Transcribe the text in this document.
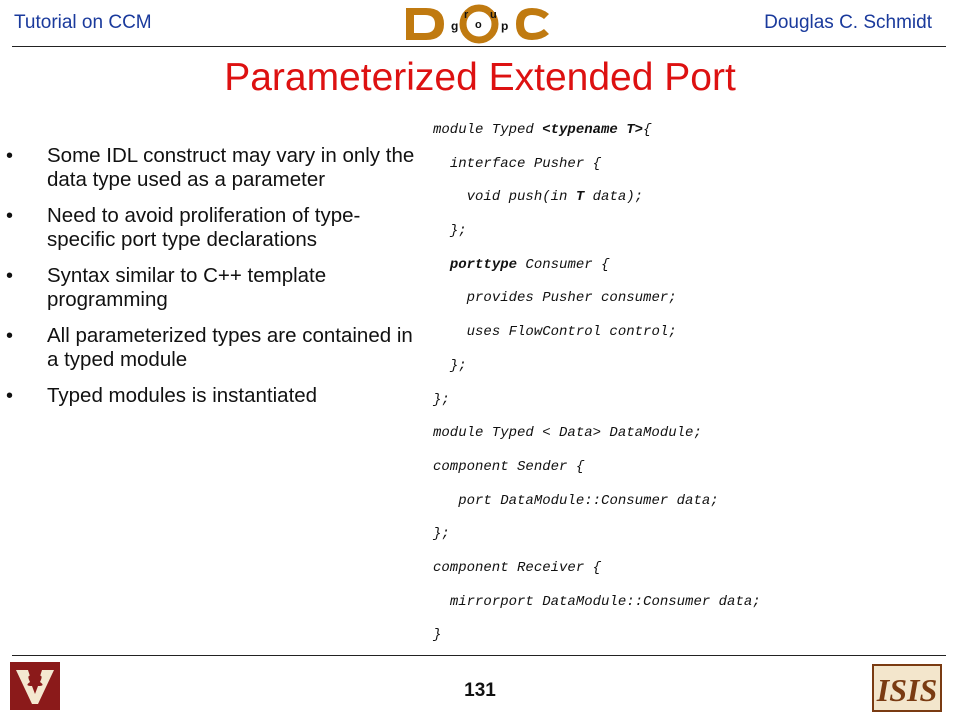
Tutorial on CCM	g
r
o
u
p	Douglas C. Schmidt
Parameterized Extended Port
• Some IDL construct may vary in only the data type used as a parameter
• Need to avoid proliferation of type-specific port type declarations
• Syntax similar to C++ template programming
• All parameterized types are contained in a typed module
• Typed modules is instantiated
module Typed <typename T>{
interface Pusher {
void push(in T data);
};
porttype Consumer {
provides Pusher consumer;
uses FlowControl control;
};
};
module Typed < Data> DataModule;
component Sender {
port DataModule::Consumer data;
};
component Receiver {
mirrorport DataModule::Consumer data;
}
131	ISIS
